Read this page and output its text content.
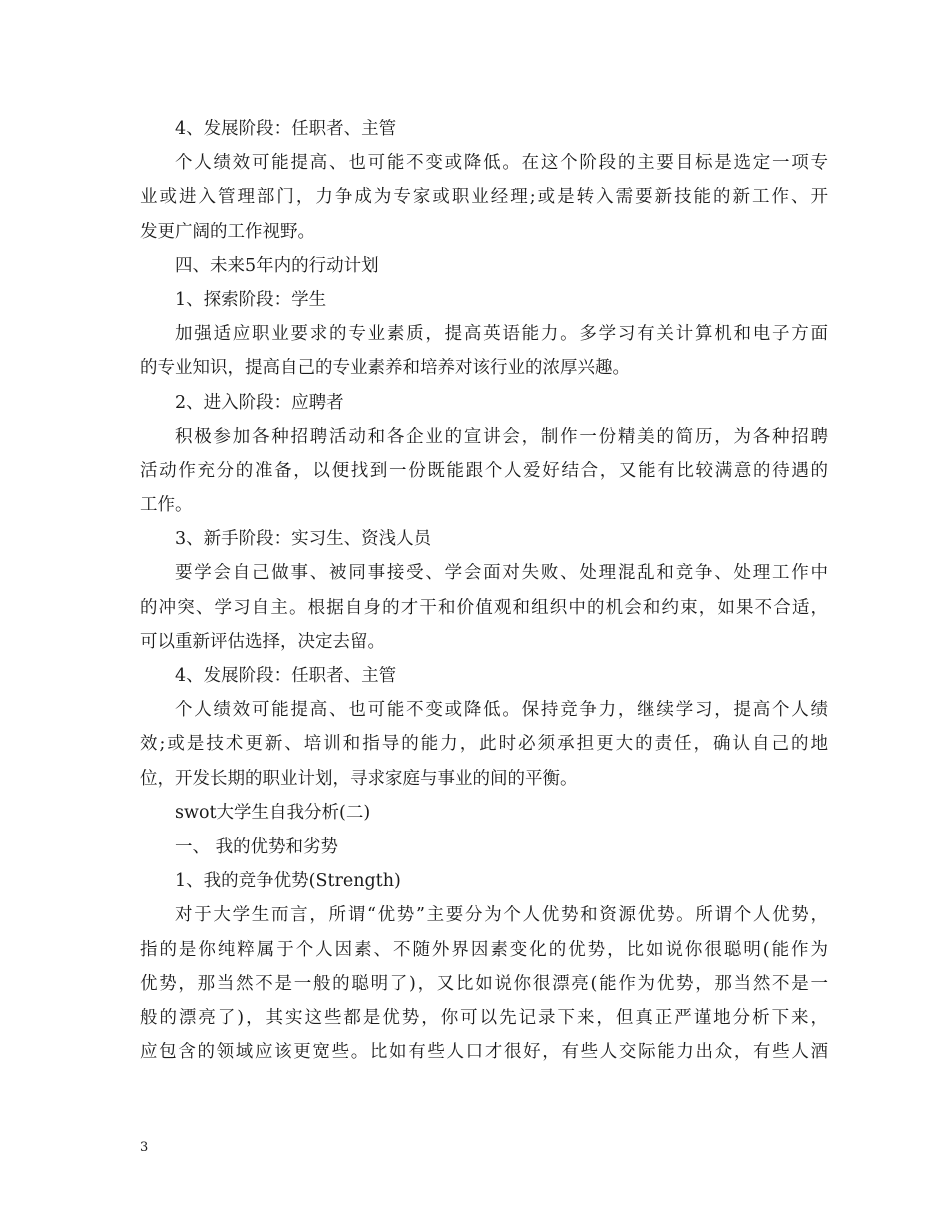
4、发展阶段：任职者、主管
个人绩效可能提高、也可能不变或降低。在这个阶段的主要目标是选定一项专
业或进入管理部门，力争成为专家或职业经理;或是转入需要新技能的新工作、开
发更广阔的工作视野。
四、未来5年内的行动计划
1、探索阶段：学生
加强适应职业要求的专业素质，提高英语能力。多学习有关计算机和电子方面
的专业知识，提高自己的专业素养和培养对该行业的浓厚兴趣。
2、进入阶段：应聘者
积极参加各种招聘活动和各企业的宣讲会，制作一份精美的简历，为各种招聘
活动作充分的准备，以便找到一份既能跟个人爱好结合，又能有比较满意的待遇的
工作。
3、新手阶段：实习生、资浅人员
要学会自己做事、被同事接受、学会面对失败、处理混乱和竞争、处理工作中
的冲突、学习自主。根据自身的才干和价值观和组织中的机会和约束，如果不合适，
可以重新评估选择，决定去留。
4、发展阶段：任职者、主管
个人绩效可能提高、也可能不变或降低。保持竞争力，继续学习，提高个人绩
效;或是技术更新、培训和指导的能力，此时必须承担更大的责任，确认自己的地
位，开发长期的职业计划，寻求家庭与事业的间的平衡。
swot大学生自我分析(二)
一、 我的优势和劣势
1、我的竞争优势(Strength)
对于大学生而言，所谓“优势”主要分为个人优势和资源优势。所谓个人优势，
指的是你纯粹属于个人因素、不随外界因素变化的优势，比如说你很聪明(能作为
优势，那当然不是一般的聪明了)，又比如说你很漂亮(能作为优势，那当然不是一
般的漂亮了)，其实这些都是优势，你可以先记录下来，但真正严谨地分析下来，
应包含的领域应该更宽些。比如有些人口才很好，有些人交际能力出众，有些人酒
3
